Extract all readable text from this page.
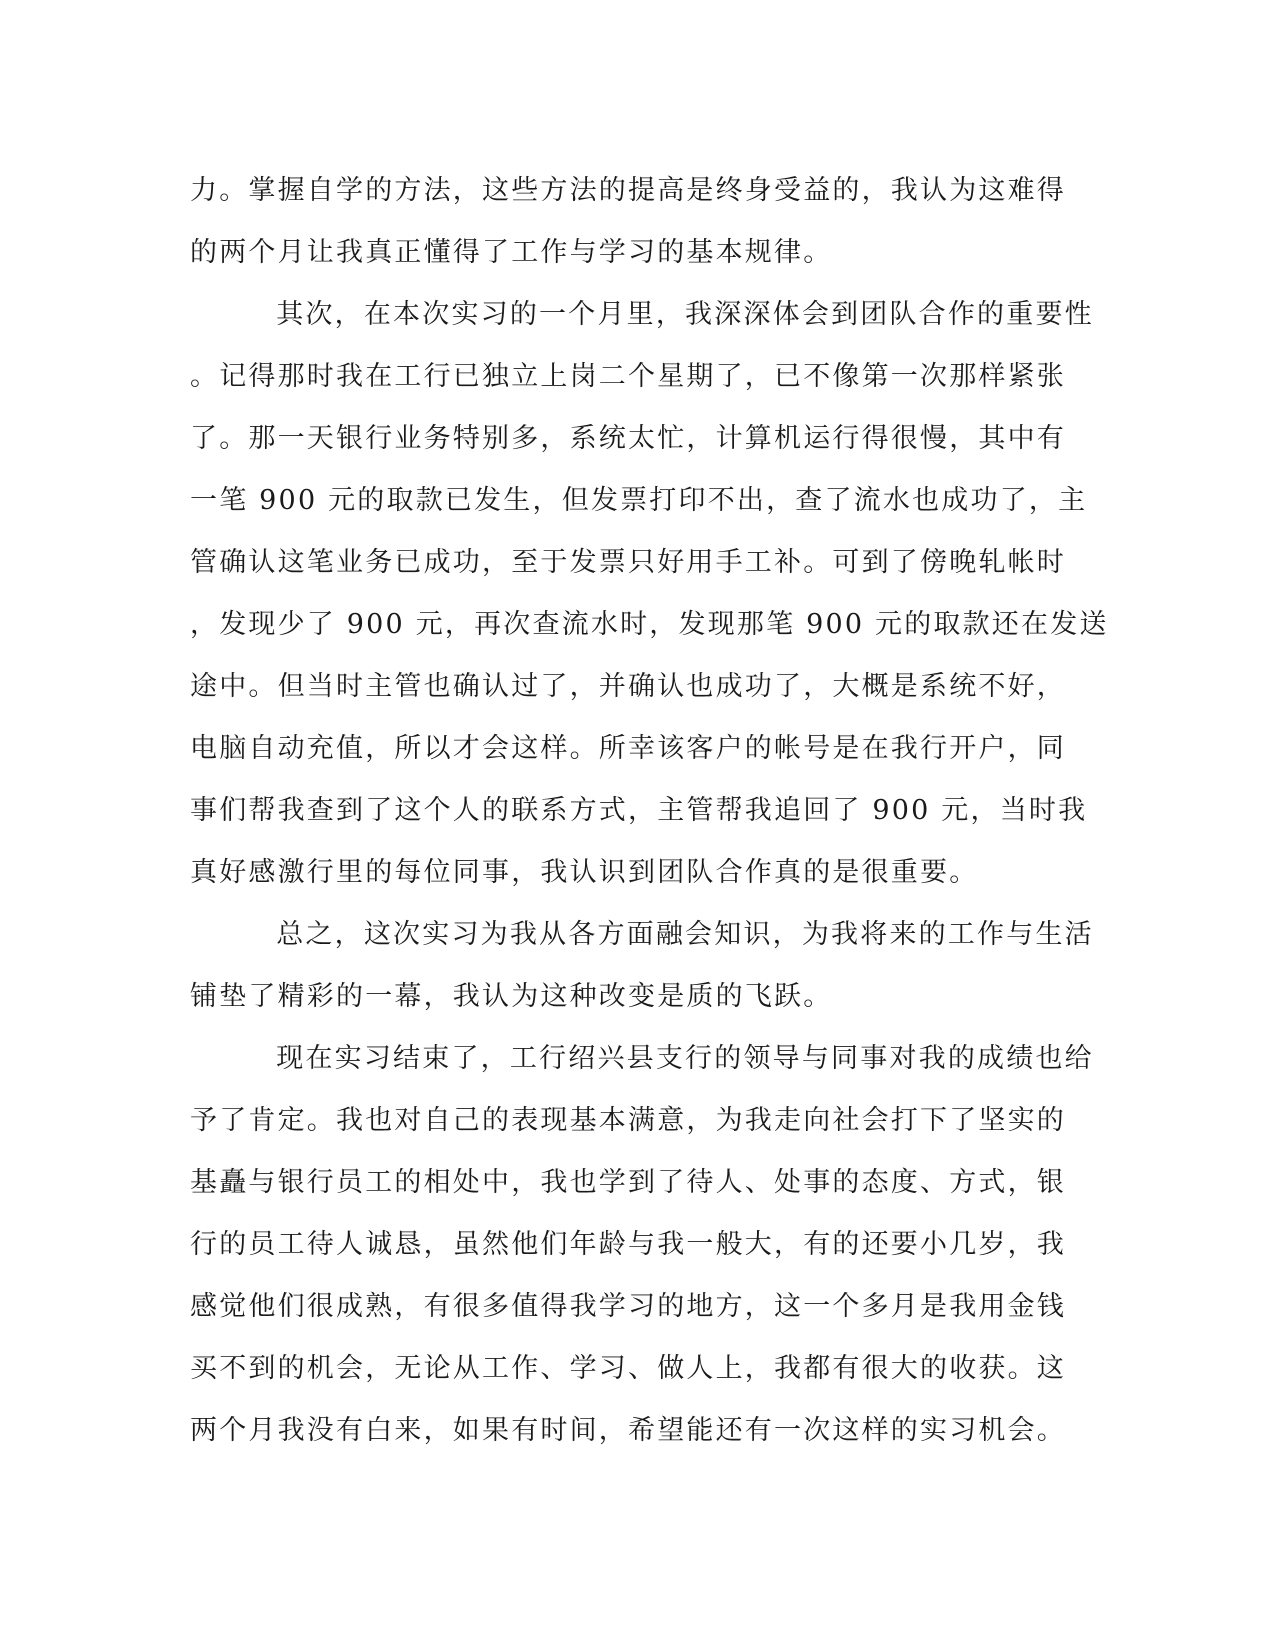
力。掌握自学的方法，这些方法的提高是终身受益的，我认为这难得
的两个月让我真正懂得了工作与学习的基本规律。
其次，在本次实习的一个月里，我深深体会到团队合作的重要性
。记得那时我在工行已独立上岗二个星期了，已不像第一次那样紧张
了。那一天银行业务特别多，系统太忙，计算机运行得很慢，其中有
一笔 900 元的取款已发生，但发票打印不出，查了流水也成功了，主
管确认这笔业务已成功，至于发票只好用手工补。可到了傍晚轧帐时
，发现少了 900 元，再次查流水时，发现那笔 900 元的取款还在发送
途中。但当时主管也确认过了，并确认也成功了，大概是系统不好，
电脑自动充值，所以才会这样。所幸该客户的帐号是在我行开户，同
事们帮我查到了这个人的联系方式，主管帮我追回了 900 元，当时我
真好感激行里的每位同事，我认识到团队合作真的是很重要。
总之，这次实习为我从各方面融会知识，为我将来的工作与生活
铺垫了精彩的一幕，我认为这种改变是质的飞跃。
现在实习结束了，工行绍兴县支行的领导与同事对我的成绩也给
予了肯定。我也对自己的表现基本满意，为我走向社会打下了坚实的
基矗与银行员工的相处中，我也学到了待人、处事的态度、方式，银
行的员工待人诚恳，虽然他们年龄与我一般大，有的还要小几岁，我
感觉他们很成熟，有很多值得我学习的地方，这一个多月是我用金钱
买不到的机会，无论从工作、学习、做人上，我都有很大的收获。这
两个月我没有白来，如果有时间，希望能还有一次这样的实习机会。
